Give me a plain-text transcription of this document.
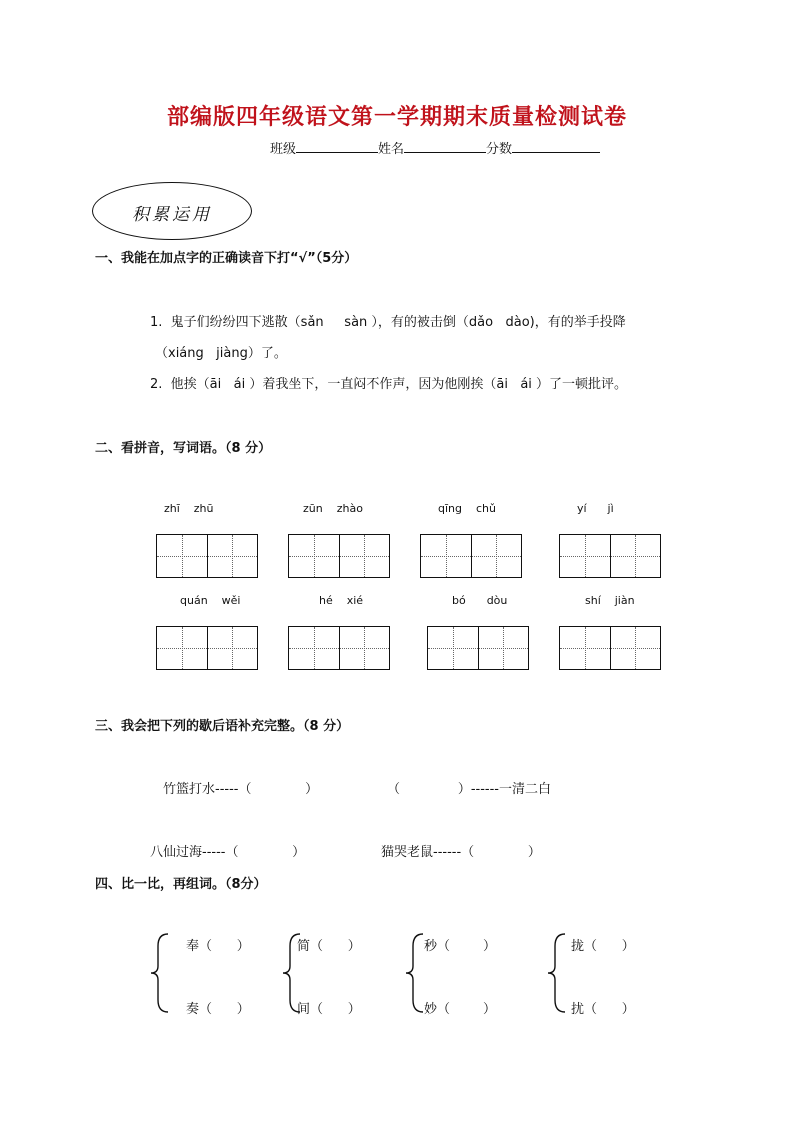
部编版四年级语文第一学期期末质量检测试卷
班级	姓名	分数
积累运用
一、我能在加点字的正确读音下打“√”（5分）
1.  鬼子们纷纷四下逃散（sǎn     sàn ），有的被击倒（dǎo   dào)，有的举手投降
（xiáng   jiàng）了。
2.  他挨（āi   ái ）着我坐下，一直闷不作声，因为他刚挨（āi   ái ）了一顿批评。
二、看拼音，写词语。（8 分）
zhī    zhū	zūn    zhào	qīng    chǔ	yí      jì
quán    wěi	hé    xié	bó      dòu	shí    jiàn
三、我会把下列的歇后语补充完整。（8 分）
竹篮打水-----（             ）	（              ）------一清二白
八仙过海-----（             ）	猫哭老鼠------（             ）
四、比一比，再组词。（8分）
奉（      ）
奏（      ）
简（      ）
间（      ）
秒（        ）
妙（        ）
拢（      ）
扰（      ）
